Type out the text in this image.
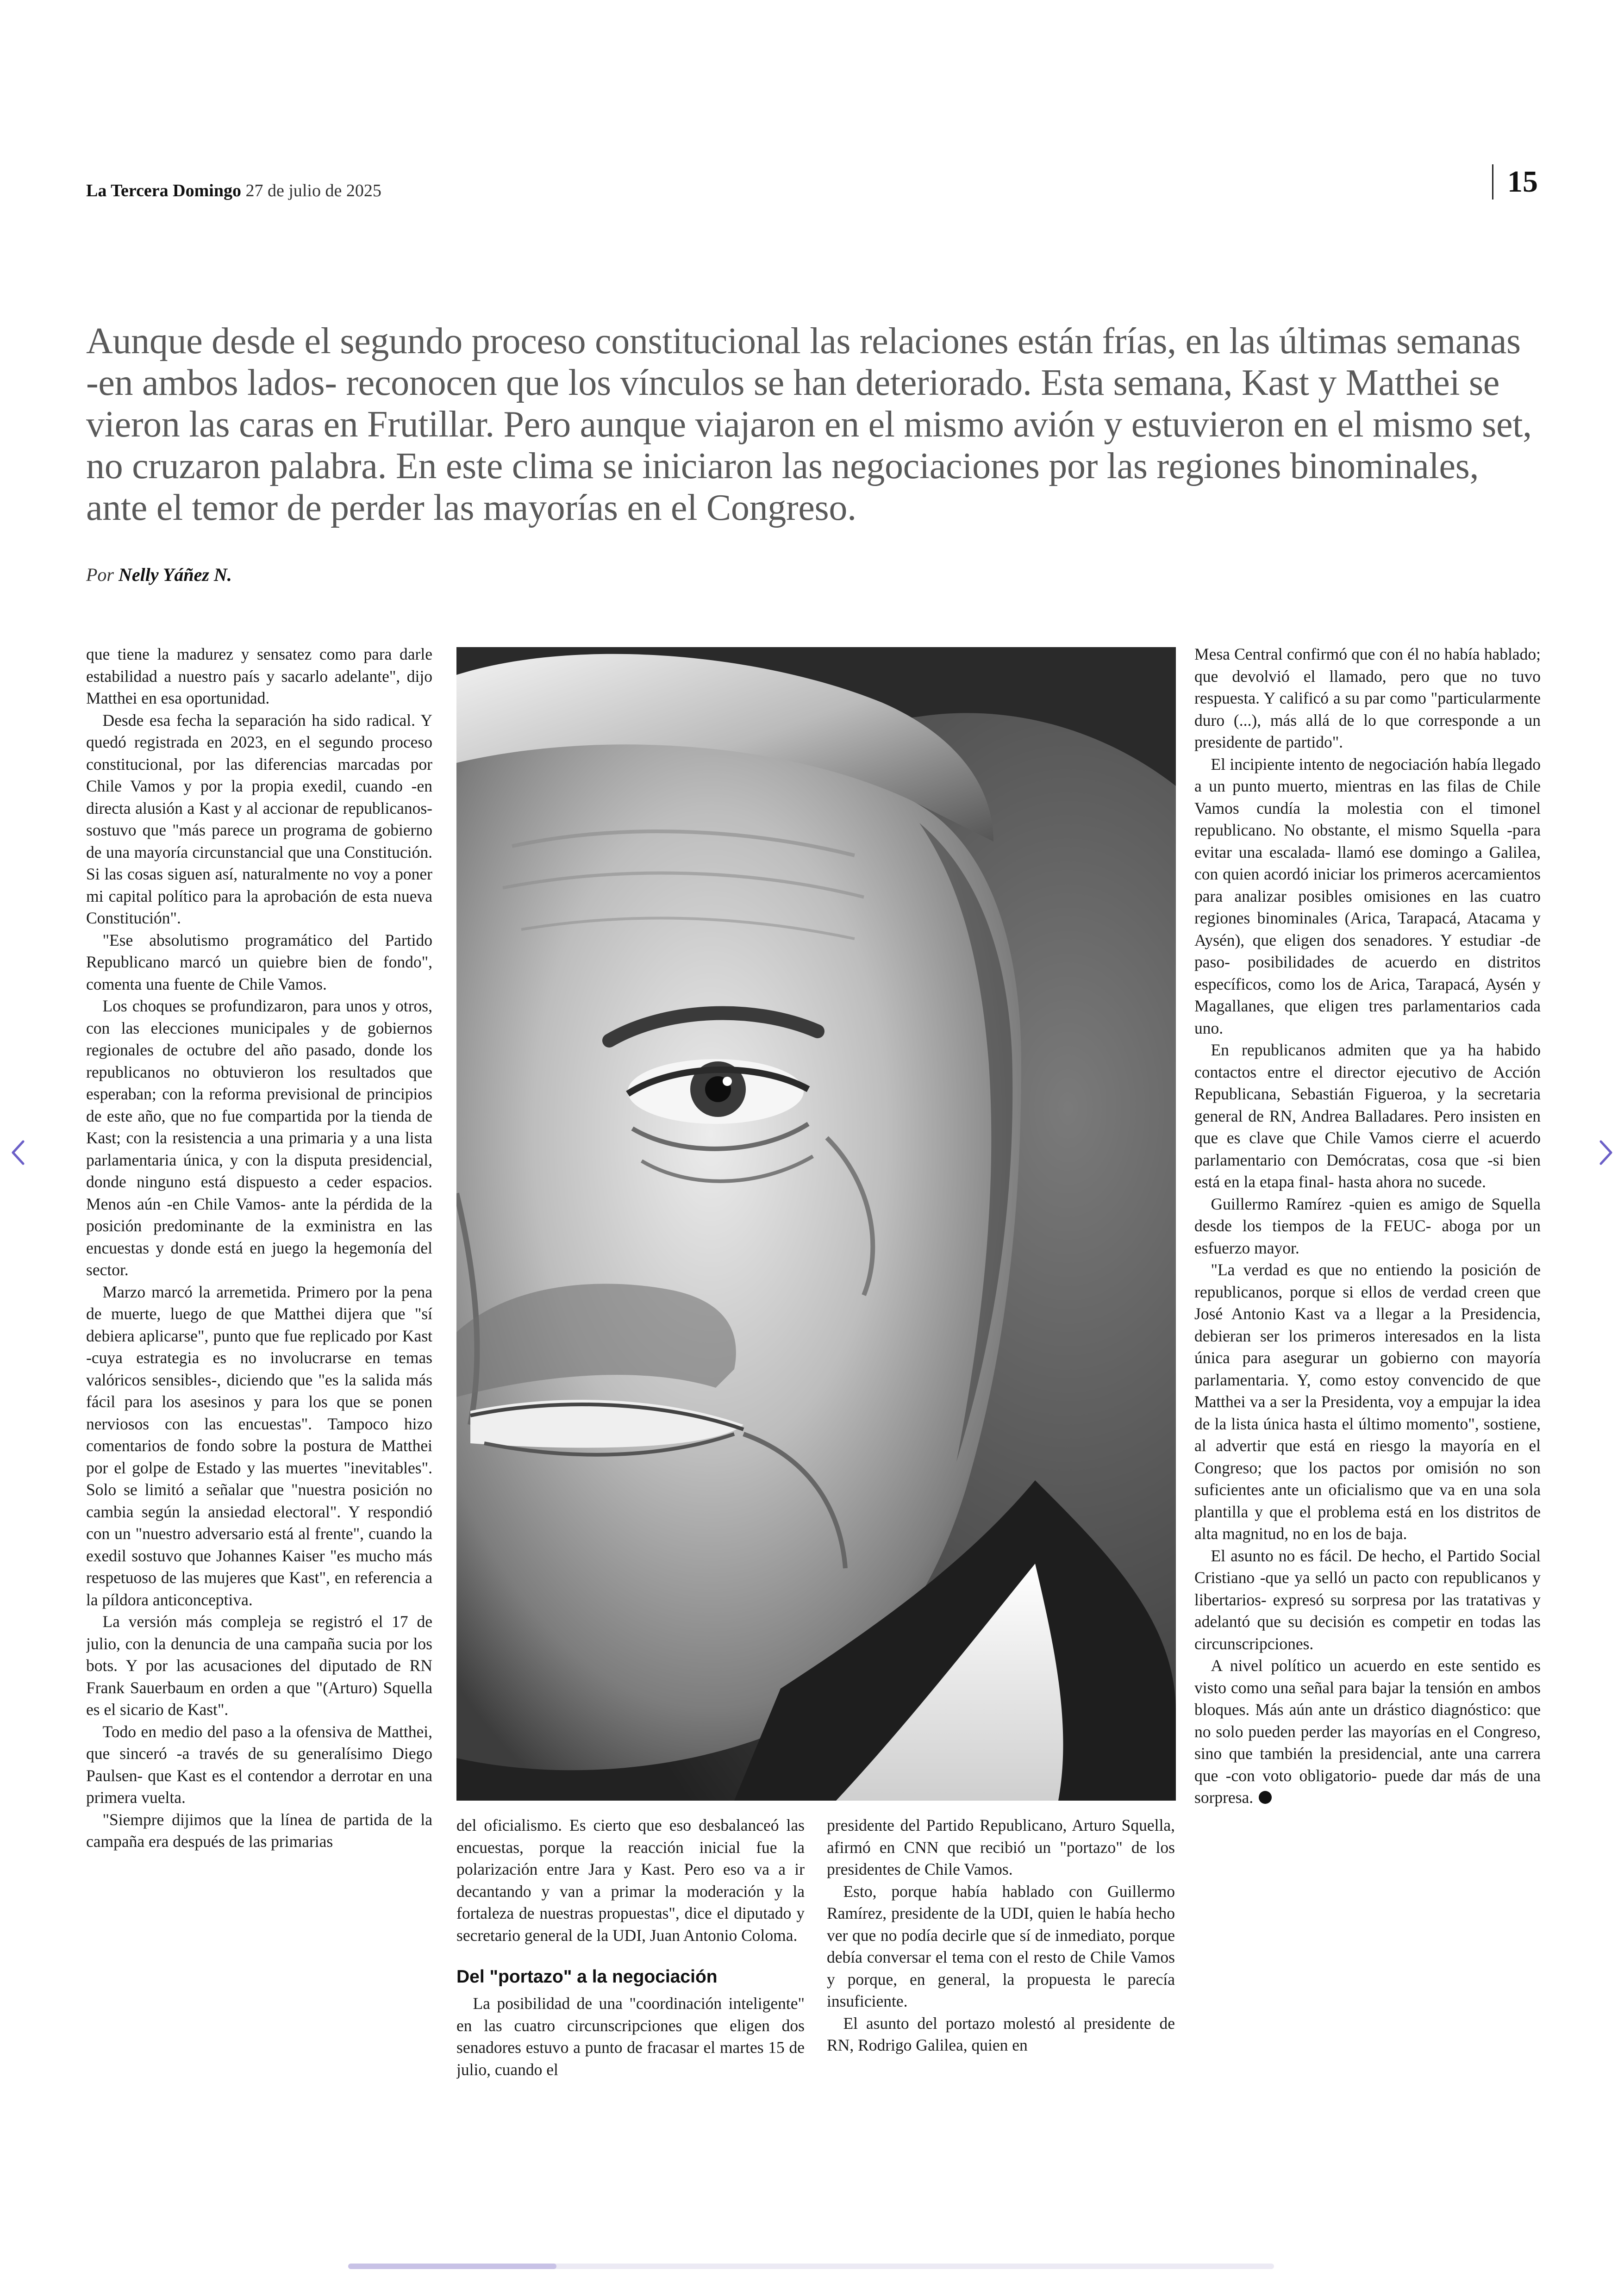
La Tercera Domingo 27 de julio de 2025	15
Aunque desde el segundo proceso constitucional las relaciones están frías, en las últimas semanas -en ambos lados- reconocen que los vínculos se han deteriorado. Esta semana, Kast y Matthei se vieron las caras en Frutillar. Pero aunque viajaron en el mismo avión y estuvieron en el mismo set, no cruzaron palabra. En este clima se iniciaron las negociaciones por las regiones binominales, ante el temor de perder las mayorías en el Congreso.
Por Nelly Yáñez N.

que tiene la madurez y sensatez como para darle estabilidad a nuestro país y sacarlo adelante", dijo Matthei en esa oportunidad.

Desde esa fecha la separación ha sido radical. Y quedó registrada en 2023, en el segundo proceso constitucional, por las diferencias marcadas por Chile Vamos y por la propia exedil, cuando -en directa alusión a Kast y al accionar de republicanos- sostuvo que "más parece un programa de gobierno de una mayoría circunstancial que una Constitución. Si las cosas siguen así, naturalmente no voy a poner mi capital político para la aprobación de esta nueva Constitución".

"Ese absolutismo programático del Partido Republicano marcó un quiebre bien de fondo", comenta una fuente de Chile Vamos.

Los choques se profundizaron, para unos y otros, con las elecciones municipales y de gobiernos regionales de octubre del año pasado, donde los republicanos no obtuvieron los resultados que esperaban; con la reforma previsional de principios de este año, que no fue compartida por la tienda de Kast; con la resistencia a una primaria y a una lista parlamentaria única, y con la disputa presidencial, donde ninguno está dispuesto a ceder espacios. Menos aún -en Chile Vamos- ante la pérdida de la posición predominante de la exministra en las encuestas y donde está en juego la hegemonía del sector.

Marzo marcó la arremetida. Primero por la pena de muerte, luego de que Matthei dijera que "sí debiera aplicarse", punto que fue replicado por Kast -cuya estrategia es no involucrarse en temas valóricos sensibles-, diciendo que "es la salida más fácil para los asesinos y para los que se ponen nerviosos con las encuestas". Tampoco hizo comentarios de fondo sobre la postura de Matthei por el golpe de Estado y las muertes "inevitables". Solo se limitó a señalar que "nuestra posición no cambia según la ansiedad electoral". Y respondió con un "nuestro adversario está al frente", cuando la exedil sostuvo que Johannes Kaiser "es mucho más respetuoso de las mujeres que Kast", en referencia a la píldora anticonceptiva.

La versión más compleja se registró el 17 de julio, con la denuncia de una campaña sucia por los bots. Y por las acusaciones del diputado de RN Frank Sauerbaum en orden a que "(Arturo) Squella es el sicario de Kast".

Todo en medio del paso a la ofensiva de Matthei, que sinceró -a través de su generalísimo Diego Paulsen- que Kast es el contendor a derrotar en una primera vuelta.

"Siempre dijimos que la línea de partida de la campaña era después de las primarias

del oficialismo. Es cierto que eso desbalanceó las encuestas, porque la reacción inicial fue la polarización entre Jara y Kast. Pero eso va a ir decantando y van a primar la moderación y la fortaleza de nuestras propuestas", dice el diputado y secretario general de la UDI, Juan Antonio Coloma.

Del "portazo" a la negociación

La posibilidad de una "coordinación inteligente" en las cuatro circunscripciones que eligen dos senadores estuvo a punto de fracasar el martes 15 de julio, cuando el

presidente del Partido Republicano, Arturo Squella, afirmó en CNN que recibió un "portazo" de los presidentes de Chile Vamos.

Esto, porque había hablado con Guillermo Ramírez, presidente de la UDI, quien le había hecho ver que no podía decirle que sí de inmediato, porque debía conversar el tema con el resto de Chile Vamos y porque, en general, la propuesta le parecía insuficiente.

El asunto del portazo molestó al presidente de RN, Rodrigo Galilea, quien en

Mesa Central confirmó que con él no había hablado; que devolvió el llamado, pero que no tuvo respuesta. Y calificó a su par como "particularmente duro (...), más allá de lo que corresponde a un presidente de partido".

El incipiente intento de negociación había llegado a un punto muerto, mientras en las filas de Chile Vamos cundía la molestia con el timonel republicano. No obstante, el mismo Squella -para evitar una escalada- llamó ese domingo a Galilea, con quien acordó iniciar los primeros acercamientos para analizar posibles omisiones en las cuatro regiones binominales (Arica, Tarapacá, Atacama y Aysén), que eligen dos senadores. Y estudiar -de paso- posibilidades de acuerdo en distritos específicos, como los de Arica, Tarapacá, Aysén y Magallanes, que eligen tres parlamentarios cada uno.

En republicanos admiten que ya ha habido contactos entre el director ejecutivo de Acción Republicana, Sebastián Figueroa, y la secretaria general de RN, Andrea Balladares. Pero insisten en que es clave que Chile Vamos cierre el acuerdo parlamentario con Demócratas, cosa que -si bien está en la etapa final- hasta ahora no sucede.

Guillermo Ramírez -quien es amigo de Squella desde los tiempos de la FEUC- aboga por un esfuerzo mayor.

"La verdad es que no entiendo la posición de republicanos, porque si ellos de verdad creen que José Antonio Kast va a llegar a la Presidencia, debieran ser los primeros interesados en la lista única para asegurar un gobierno con mayoría parlamentaria. Y, como estoy convencido de que Matthei va a ser la Presidenta, voy a empujar la idea de la lista única hasta el último momento", sostiene, al advertir que está en riesgo la mayoría en el Congreso; que los pactos por omisión no son suficientes ante un oficialismo que va en una sola plantilla y que el problema está en los distritos de alta magnitud, no en los de baja.

El asunto no es fácil. De hecho, el Partido Social Cristiano -que ya selló un pacto con republicanos y libertarios- expresó su sorpresa por las tratativas y adelantó que su decisión es competir en todas las circunscripciones.

A nivel político un acuerdo en este sentido es visto como una señal para bajar la tensión en ambos bloques. Más aún ante un drástico diagnóstico: que no solo pueden perder las mayorías en el Congreso, sino que también la presidencial, ante una carrera que -con voto obligatorio- puede dar más de una sorpresa.
